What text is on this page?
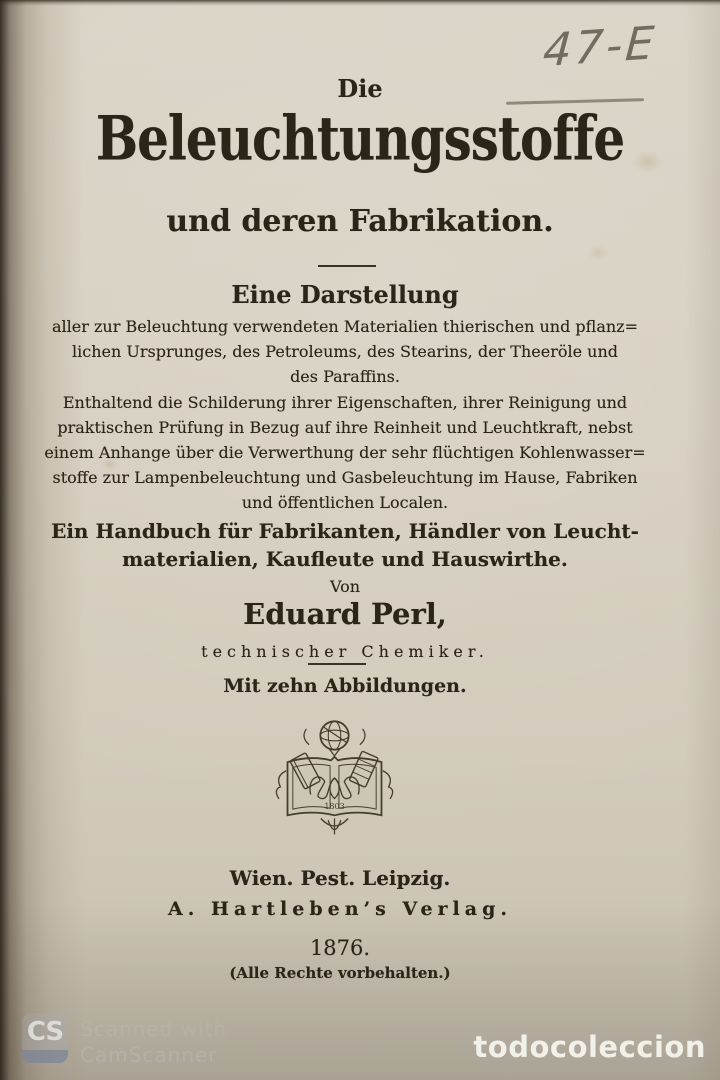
47-E
Die
Beleuchtungsstoffe
und deren Fabrikation.
Eine Darstellung
aller zur Beleuchtung verwendeten Materialien thierischen und pflanz=
lichen Ursprunges, des Petroleums, des Stearins, der Theeröle und
des Paraffins.
Enthaltend die Schilderung ihrer Eigenschaften, ihrer Reinigung und
praktischen Prüfung in Bezug auf ihre Reinheit und Leuchtkraft, nebst
einem Anhange über die Verwerthung der sehr flüchtigen Kohlenwasser=
stoffe zur Lampenbeleuchtung und Gasbeleuchtung im Hause, Fabriken
und öffentlichen Localen.
Ein Handbuch für Fabrikanten, Händler von Leucht-
materialien, Kaufleute und Hauswirthe.
Von
Eduard Perl,
technischer Chemiker.
Mit zehn Abbildungen.
1803
Wien. Pest. Leipzig.
A. Hartleben’s Verlag.
1876.
(Alle Rechte vorbehalten.)
CS Scanned with
CamScanner	todocoleccion
